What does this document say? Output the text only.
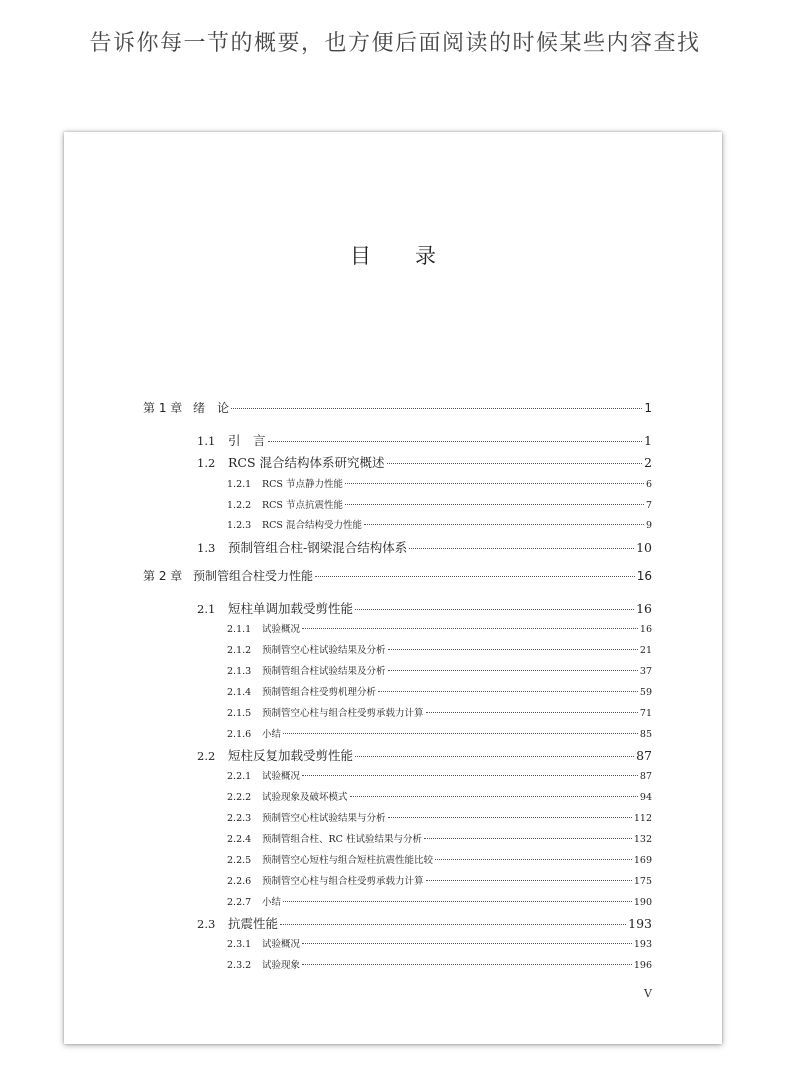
告诉你每一节的概要，也方便后面阅读的时候某些内容查找
目录
第 1 章 绪　论	1
1.1	引　言	1
1.2	RCS 混合结构体系研究概述	2
1.2.1	RCS 节点静力性能	6
1.2.2	RCS 节点抗震性能	7
1.2.3	RCS 混合结构受力性能	9
1.3	预制管组合柱-钢梁混合结构体系	10
第 2 章 预制管组合柱受力性能	16
2.1	短柱单调加载受剪性能	16
2.1.1	试验概况	16
2.1.2	预制管空心柱试验结果及分析	21
2.1.3	预制管组合柱试验结果及分析	37
2.1.4	预制管组合柱受剪机理分析	59
2.1.5	预制管空心柱与组合柱受剪承载力计算	71
2.1.6	小结	85
2.2	短柱反复加载受剪性能	87
2.2.1	试验概况	87
2.2.2	试验现象及破坏模式	94
2.2.3	预制管空心柱试验结果与分析	112
2.2.4	预制管组合柱、RC 柱试验结果与分析	132
2.2.5	预制管空心短柱与组合短柱抗震性能比较	169
2.2.6	预制管空心柱与组合柱受剪承载力计算	175
2.2.7	小结	190
2.3	抗震性能	193
2.3.1	试验概况	193
2.3.2	试验现象	196
V
